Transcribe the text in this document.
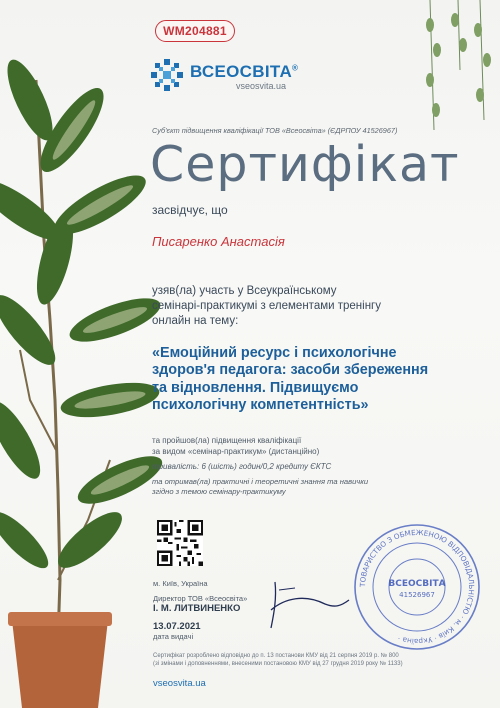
WM204881
ВСЕОСВІТА®
vseosvita.ua
Суб'єкт підвищення кваліфікації ТОВ «Всеосвіта» (ЄДРПОУ 41526967)
Сертифікат
засвідчує, що
Писаренко Анастасія
узяв(ла) участь у Всеукраїнському
семінарі-практикумі з елементами тренінгу
онлайн на тему:
«Емоційний ресурс і психологічне
здоров'я педагога: засоби збереження
та відновлення. Підвищуємо
психологічну компетентність»
та пройшов(ла) підвищення кваліфікації
за видом «семінар-практикум» (дистанційно)
тривалість: 6 (шість) годин/0,2 кредиту ЄКТС
та отримав(ла) практичні і теоретичні знання та навички
згідно з темою семінару-практикуму
м. Київ, Україна
Директор ТОВ «Всеосвіта»
І. М. ЛИТВИНЕНКО
13.07.2021
дата видачі
ТОВАРИСТВО З ОБМЕЖЕНОЮ ВІДПОВІДАЛЬНІСТЮ · м. Київ · Україна ·
ВСЕОСВІТА
41526967
Сертифікат розроблено відповідно до п. 13 постанови КМУ від 21 серпня 2019 р. № 800
(зі змінами і доповненнями, внесеними постановою КМУ від 27 грудня 2019 року № 1133)
vseosvita.ua
